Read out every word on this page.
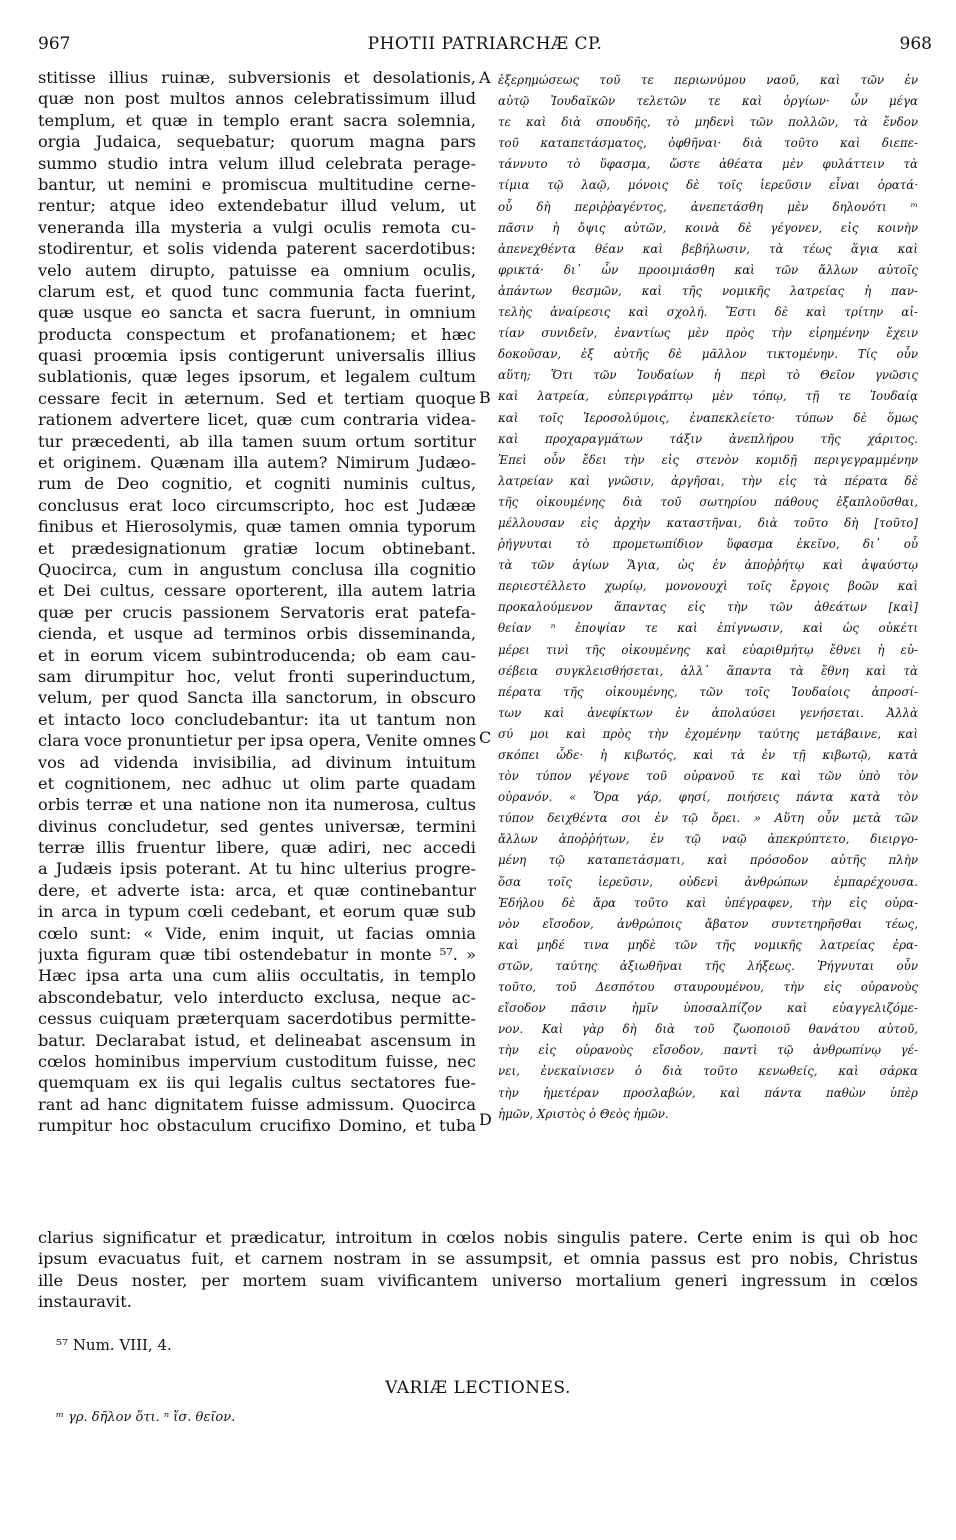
967	PHOTII PATRIARCHÆ CP.	968
stitisse illius ruinæ, subversionis et desolationis,
quæ non post multos annos celebratissimum illud
templum, et quæ in templo erant sacra solemnia,
orgia Judaica, sequebatur; quorum magna pars
summo studio intra velum illud celebrata perage-
bantur, ut nemini e promiscua multitudine cerne-
rentur; atque ideo extendebatur illud velum, ut
veneranda illa mysteria a vulgi oculis remota cu-
stodirentur, et solis videnda paterent sacerdotibus:
velo autem dirupto, patuisse ea omnium oculis,
clarum est, et quod tunc communia facta fuerint,
quæ usque eo sancta et sacra fuerunt, in omnium
producta conspectum et profanationem; et hæc
quasi proœmia ipsis contigerunt universalis illius
sublationis, quæ leges ipsorum, et legalem cultum
cessare fecit in æternum. Sed et tertiam quoque
rationem advertere licet, quæ cum contraria videa-
tur præcedenti, ab illa tamen suum ortum sortitur
et originem. Quænam illa autem? Nimirum Judæo-
rum de Deo cognitio, et cogniti numinis cultus,
conclusus erat loco circumscripto, hoc est Judææ
finibus et Hierosolymis, quæ tamen omnia typorum
et prædesignationum gratiæ locum obtinebant.
Quocirca, cum in angustum conclusa illa cognitio
et Dei cultus, cessare oporterent, illa autem latria
quæ per crucis passionem Servatoris erat patefa-
cienda, et usque ad terminos orbis disseminanda,
et in eorum vicem subintroducenda; ob eam cau-
sam dirumpitur hoc, velut fronti superinductum,
velum, per quod Sancta illa sanctorum, in obscuro
et intacto loco concludebantur: ita ut tantum non
clara voce pronuntietur per ipsa opera, Venite omnes
vos ad videnda invisibilia, ad divinum intuitum
et cognitionem, nec adhuc ut olim parte quadam
orbis terræ et una natione non ita numerosa, cultus
divinus concludetur, sed gentes universæ, termini
terræ illis fruentur libere, quæ adiri, nec accedi
a Judæis ipsis poterant. At tu hinc ulterius progre-
dere, et adverte ista: arca, et quæ continebantur
in arca in typum cœli cedebant, et eorum quæ sub
cœlo sunt: « Vide, enim inquit, ut facias omnia
juxta figuram quæ tibi ostendebatur in monte ⁵⁷. »
Hæc ipsa arta una cum aliis occultatis, in templo
abscondebatur, velo interducto exclusa, neque ac-
cessus cuiquam præterquam sacerdotibus permitte-
batur. Declarabat istud, et delineabat ascensum in
cœlos hominibus impervium custoditum fuisse, nec
quemquam ex iis qui legalis cultus sectatores fue-
rant ad hanc dignitatem fuisse admissum. Quocirca
rumpitur hoc obstaculum crucifixo Domino, et tuba
ἐξερημώσεως τοῦ τε περιωνύμου ναοῦ, καὶ τῶν ἐν
αὐτῷ Ἰουδαϊκῶν τελετῶν τε καὶ ὀργίων· ὧν μέγα
τε καὶ διὰ σπουδῆς, τὸ μηδενὶ τῶν πολλῶν, τὰ ἔνδον
τοῦ καταπετάσματος, ὀφθῆναι· διὰ τοῦτο καὶ διεπε-
τάννυτο τὸ ὕφασμα, ὥστε ἀθέατα μὲν φυλάττειν τὰ
τίμια τῷ λαῷ, μόνοις δὲ τοῖς ἱερεῦσιν εἶναι ὁρατά·
οὗ δὴ περιῤῥαγέντος, ἀνεπετάσθη μὲν δηλονότι ᵐ
πᾶσιν ἡ ὄψις αὐτῶν, κοινὰ δὲ γέγονεν, εἰς κοινὴν
ἀπενεχθέντα θέαν καὶ βεβήλωσιν, τὰ τέως ἅγια καὶ
φρικτά· δι᾽ ὧν προοιμιάσθη καὶ τῶν ἄλλων αὐτοῖς
ἁπάντων θεσμῶν, καὶ τῆς νομικῆς λατρείας ἡ παν-
τελὴς ἀναίρεσις καὶ σχολή. Ἔστι δὲ καὶ τρίτην αἰ-
τίαν συνιδεῖν, ἐναντίως μὲν πρὸς τὴν εἰρημένην ἔχειν
δοκοῦσαν, ἐξ αὐτῆς δὲ μᾶλλον τικτομένην. Τίς οὖν
αὕτη; Ὅτι τῶν Ἰουδαίων ἡ περὶ τὸ Θεῖον γνῶσις
καὶ λατρεία, εὐπεριγράπτῳ μὲν τόπῳ, τῇ τε Ἰουδαίᾳ
καὶ τοῖς Ἱεροσολύμοις, ἐναπεκλείετο· τύπων δὲ ὅμως
καὶ προχαραγμάτων τάξιν ἀνεπλήρου τῆς χάριτος.
Ἐπεὶ οὖν ἔδει τὴν εἰς στενὸν κομιδῇ περιγεγραμμένην
λατρείαν καὶ γνῶσιν, ἀργῆσαι, τὴν εἰς τὰ πέρατα δὲ
τῆς οἰκουμένης διὰ τοῦ σωτηρίου πάθους ἐξαπλοῦσθαι,
μέλλουσαν εἰς ἀρχὴν καταστῆναι, διὰ τοῦτο δὴ [τοῦτο]
ῥήγνυται τὸ προμετωπίδιον ὕφασμα ἐκεῖνο, δι᾽ οὗ
τὰ τῶν ἁγίων Ἅγια, ὡς ἐν ἀποῤῥήτῳ καὶ ἀψαύστῳ
περιεστέλλετο χωρίῳ, μονονουχὶ τοῖς ἔργοις βοῶν καὶ
προκαλούμενον ἅπαντας εἰς τὴν τῶν ἀθεάτων [καὶ]
θείαν ⁿ ἐποψίαν τε καὶ ἐπίγνωσιν, καὶ ὡς οὐκέτι
μέρει τινὶ τῆς οἰκουμένης καὶ εὐαριθμήτῳ ἔθνει ἡ εὐ-
σέβεια συγκλεισθήσεται, ἀλλ᾽ ἅπαντα τὰ ἔθνη καὶ τὰ
πέρατα τῆς οἰκουμένης, τῶν τοῖς Ἰουδαίοις ἀπροσί-
των καὶ ἀνεφίκτων ἐν ἀπολαύσει γενήσεται. Ἀλλὰ
σύ μοι καὶ πρὸς τὴν ἐχομένην ταύτης μετάβαινε, καὶ
σκόπει ὧδε· ἡ κιβωτός, καὶ τὰ ἐν τῇ κιβωτῷ, κατὰ
τὸν τύπον γέγονε τοῦ οὐρανοῦ τε καὶ τῶν ὑπὸ τὸν
οὐρανόν. « Ὅρα γάρ, φησί, ποιήσεις πάντα κατὰ τὸν
τύπον δειχθέντα σοι ἐν τῷ ὄρει. » Αὕτη οὖν μετὰ τῶν
ἄλλων ἀποῤῥήτων, ἐν τῷ ναῷ ἀπεκρύπτετο, διειργο-
μένη τῷ καταπετάσματι, καὶ πρόσοδον αὐτῆς πλὴν
ὅσα τοῖς ἱερεῦσιν, οὐδενὶ ἀνθρώπων ἐμπαρέχουσα.
Ἐδήλου δὲ ἄρα τοῦτο καὶ ὑπέγραφεν, τὴν εἰς οὐρα-
νὸν εἴσοδον, ἀνθρώποις ἄβατον συντετηρῆσθαι τέως,
καὶ μηδέ τινα μηδὲ τῶν τῆς νομικῆς λατρείας ἐρα-
στῶν, ταύτης ἀξιωθῆναι τῆς λήξεως. Ῥήγνυται οὖν
τοῦτο, τοῦ Δεσπότου σταυρουμένου, τὴν εἰς οὐρανοὺς
εἴσοδον πᾶσιν ἡμῖν ὑποσαλπίζον καὶ εὐαγγελιζόμε-
νον. Καὶ γὰρ δὴ διὰ τοῦ ζωοποιοῦ θανάτου αὐτοῦ,
τὴν εἰς οὐρανοὺς εἴσοδον, παντὶ τῷ ἀνθρωπίνῳ γέ-
νει, ἐνεκαίνισεν ὁ διὰ τοῦτο κενωθείς, καὶ σάρκα
τὴν ἡμετέραν προσλαβών, καὶ πάντα παθὼν ὑπὲρ
ἡμῶν, Χριστὸς ὁ Θεὸς ἡμῶν.
A
B
C
D
clarius significatur et prædicatur, introitum in cœlos nobis singulis patere. Certe enim is qui ob hoc
ipsum evacuatus fuit, et carnem nostram in se assumpsit, et omnia passus est pro nobis, Christus
ille Deus noster, per mortem suam vivificantem universo mortalium generi ingressum in cœlos
instauravit.
⁵⁷ Num. VIII, 4.
VARIÆ LECTIONES.
ᵐ γρ. δῆλον ὅτι. ⁿ ἴσ. θεῖον.
